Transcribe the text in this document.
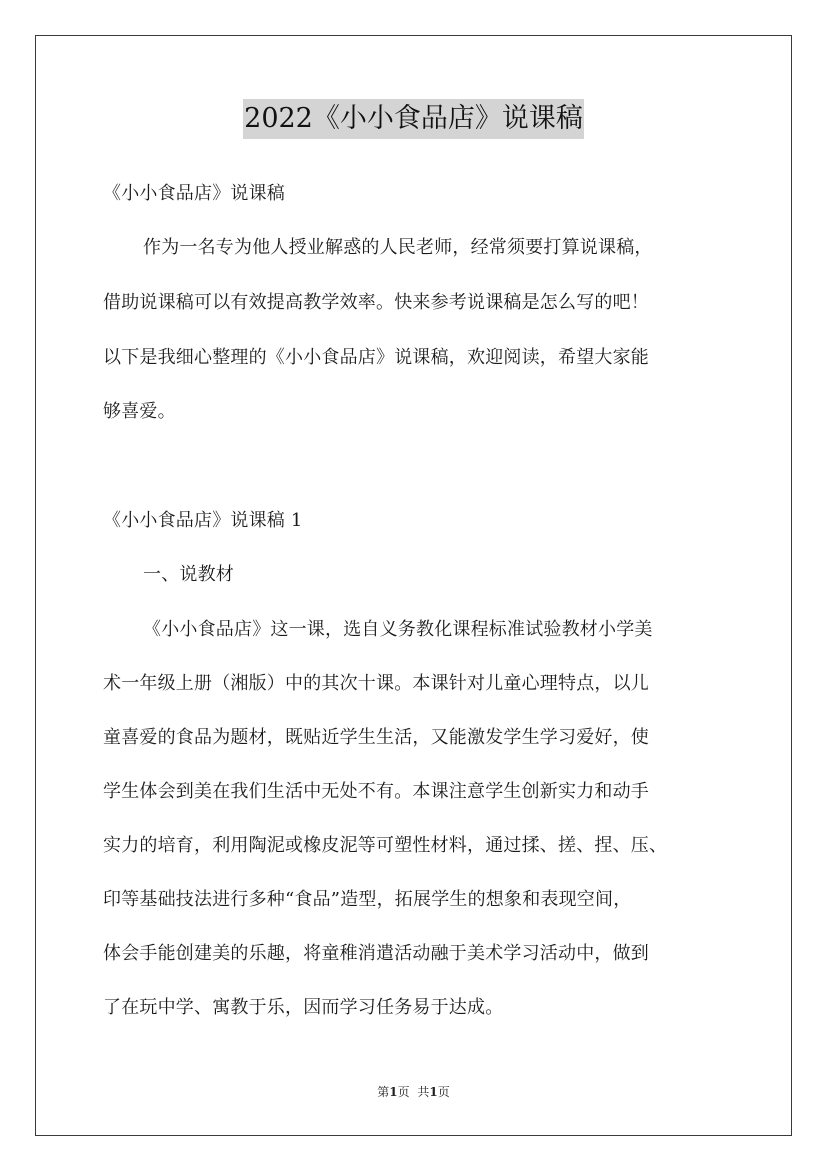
2022《小小食品店》说课稿
《小小食品店》说课稿
作为一名专为他人授业解惑的人民老师，经常须要打算说课稿，
借助说课稿可以有效提高教学效率。快来参考说课稿是怎么写的吧！
以下是我细心整理的《小小食品店》说课稿，欢迎阅读，希望大家能
够喜爱。
《小小食品店》说课稿 1
一、说教材
《小小食品店》这一课，选自义务教化课程标准试验教材小学美
术一年级上册（湘版）中的其次十课。本课针对儿童心理特点，以儿
童喜爱的食品为题材，既贴近学生生活，又能激发学生学习爱好，使
学生体会到美在我们生活中无处不有。本课注意学生创新实力和动手
实力的培育，利用陶泥或橡皮泥等可塑性材料，通过揉、搓、捏、压、
印等基础技法进行多种“食品”造型，拓展学生的想象和表现空间，
体会手能创建美的乐趣，将童稚消遣活动融于美术学习活动中，做到
了在玩中学、寓教于乐，因而学习任务易于达成。
第1页 共1页
